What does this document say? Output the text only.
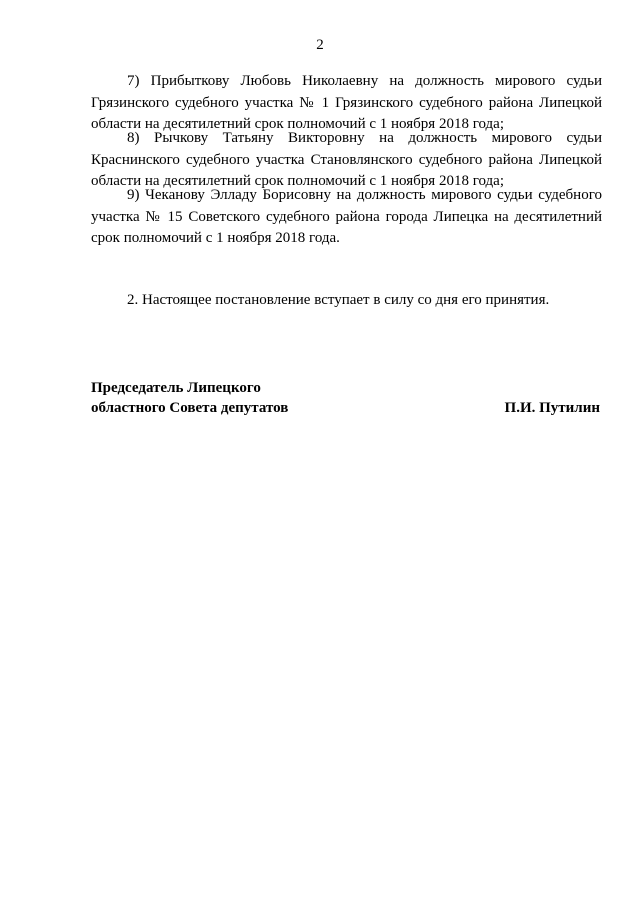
2

7) Прибыткову Любовь Николаевну на должность мирового судьи Грязинского судебного участка № 1 Грязинского судебного района Липецкой области на десятилетний срок полномочий с 1 ноября 2018 года;

8) Рычкову Татьяну Викторовну на должность мирового судьи Краснинского судебного участка Становлянского судебного района Липецкой области на десятилетний срок полномочий с 1 ноября 2018 года;

9) Чеканову Элладу Борисовну на должность мирового судьи судебного участка № 15 Советского судебного района города Липецка на десятилетний срок полномочий с 1 ноября 2018 года.

2. Настоящее постановление вступает в силу со дня его принятия.

Председатель Липецкого
областного Совета депутатов	П.И. Путилин
